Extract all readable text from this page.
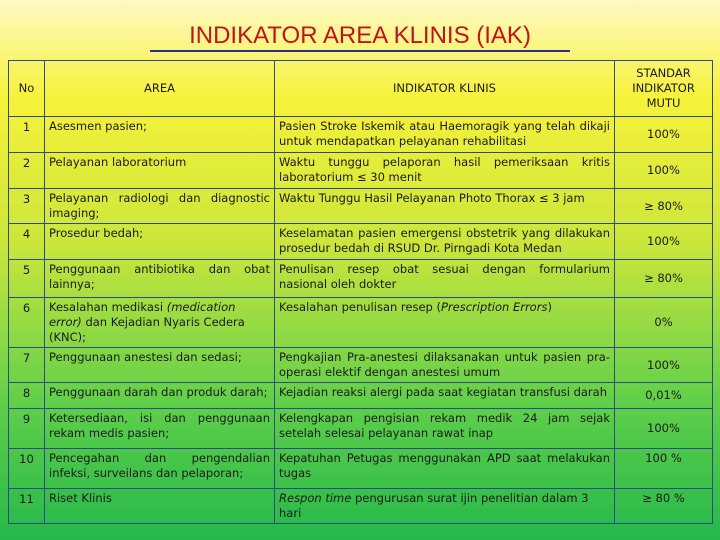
INDIKATOR AREA KLINIS (IAK)
No	AREA	INDIKATOR KLINIS	STANDAR INDIKATOR MUTU
1	Asesmen pasien;	Pasien Stroke Iskemik atau Haemoragik yang telah dikaji untuk mendapatkan pelayanan rehabilitasi	100%
2	Pelayanan laboratorium	Waktu tunggu pelaporan hasil pemeriksaan kritis laboratorium ≤ 30 menit	100%
3	Pelayanan radiologi dan diagnostic imaging;	Waktu Tunggu Hasil Pelayanan Photo Thorax ≤ 3 jam	≥ 80%
4	Prosedur bedah;	Keselamatan pasien emergensi obstetrik yang dilakukan prosedur bedah di RSUD Dr. Pirngadi Kota Medan	100%
5	Penggunaan antibiotika dan obat lainnya;	Penulisan resep obat sesuai dengan formularium nasional oleh dokter	≥ 80%
6	Kesalahan medikasi (medication error) dan Kejadian Nyaris Cedera (KNC);	Kesalahan penulisan resep (Prescription Errors)	0%
7	Penggunaan anestesi dan sedasi;	Pengkajian Pra-anestesi dilaksanakan untuk pasien pra-operasi elektif dengan anestesi umum	100%
8	Penggunaan darah dan produk darah;	Kejadian reaksi alergi pada saat kegiatan transfusi darah	0,01%
9	Ketersediaan, isi dan penggunaan rekam medis pasien;	Kelengkapan pengisian rekam medik 24 jam sejak setelah selesai pelayanan rawat inap	100%
10	Pencegahan dan pengendalian infeksi, surveilans dan pelaporan;	Kepatuhan Petugas menggunakan APD saat melakukan tugas	100 %
11	Riset Klinis	Respon time pengurusan surat ijin penelitian dalam 3 hari	≥ 80 %
